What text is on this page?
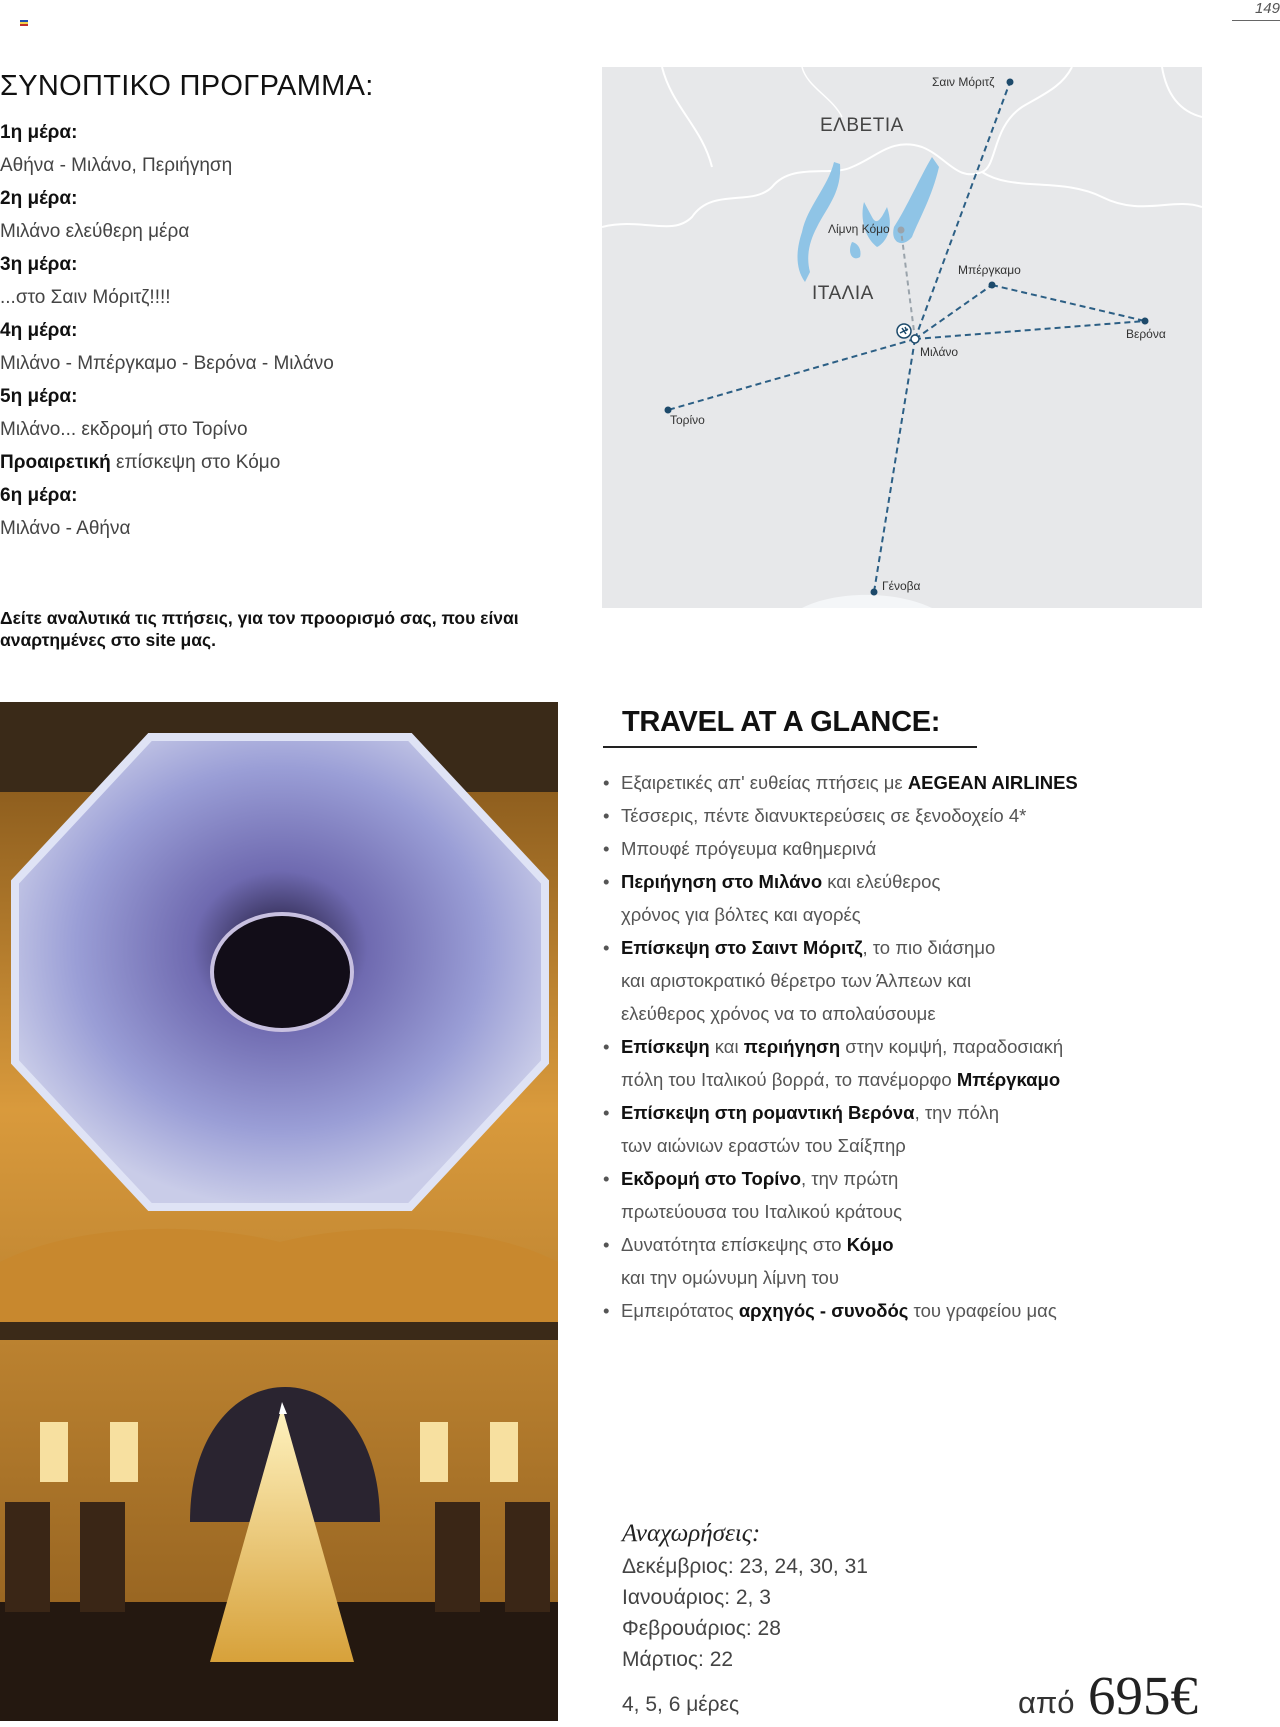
149
ΣΥΝΟΠΤΙΚΟ ΠΡΟΓΡΑΜΜΑ:
1η μέρα:
Αθήνα - Μιλάνο, Περιήγηση
2η μέρα:
Μιλάνο ελεύθερη μέρα
3η μέρα:
...στο Σαιν Μόριτζ!!!!
4η μέρα:
Μιλάνο - Μπέργκαμο - Βερόνα - Μιλάνο
5η μέρα:
Μιλάνο... εκδρομή στο Τορίνο
Προαιρετική επίσκεψη στο Κόμο
6η μέρα:
Μιλάνο - Αθήνα
Δείτε αναλυτικά τις πτήσεις, για τον προορισμό σας, που είναι αναρτημένες στο site μας.
ΕΛΒΕΤΙΑ
ΙΤΑΛΙΑ
Σαιν Μόριτζ
Λίμνη Κόμο
Μπέργκαμο
Βερόνα
Μιλάνο
Τορίνο
Γένοβα
TRAVEL AT A GLANCE:
• Εξαιρετικές απ' ευθείας πτήσεις με AEGEAN AIRLINES
• Τέσσερις, πέντε διανυκτερεύσεις σε ξενοδοχείο 4*
• Μπουφέ πρόγευμα καθημερινά
• Περιήγηση στο Μιλάνο και ελεύθερος
χρόνος για βόλτες και αγορές
• Επίσκεψη στο Σαιντ Μόριτζ, το πιο διάσημο
και αριστοκρατικό θέρετρο των Άλπεων και
ελεύθερος χρόνος να το απολαύσουμε
• Επίσκεψη και περιήγηση στην κομψή, παραδοσιακή
πόλη του Ιταλικού βορρά, το πανέμορφο Μπέργκαμο
• Επίσκεψη στη ρομαντική Βερόνα, την πόλη
των αιώνιων εραστών του Σαίξπηρ
• Εκδρομή στο Τορίνο, την πρώτη
πρωτεύουσα του Ιταλικού κράτους
• Δυνατότητα επίσκεψης στο Κόμο
και την ομώνυμη λίμνη του
• Εμπειρότατος αρχηγός - συνοδός του γραφείου μας
Αναχωρήσεις:
Δεκέμβριος: 23, 24, 30, 31
Ιανουάριος: 2, 3
Φεβρουάριος: 28
Μάρτιος: 22
4, 5, 6 μέρες	από 695€
